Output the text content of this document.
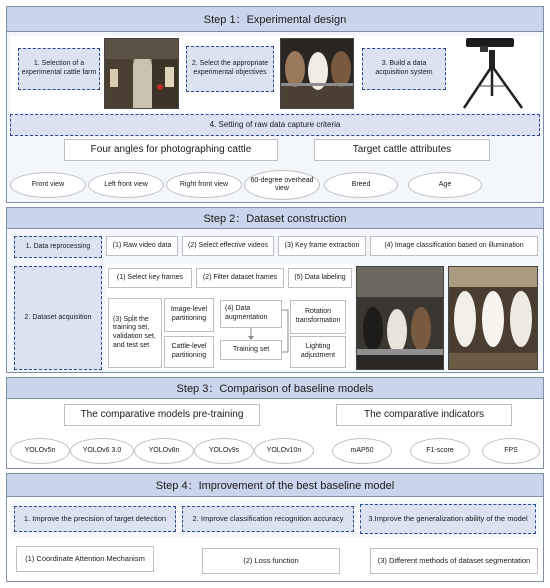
Step 1：Experimental design
1. Selection of a experimental cattle farm
2. Select the appropriate experimental objectives
3. Build a data acquisition system
4. Setting of raw data capture criteria
Four angles for photographing cattle	Target cattle attributes
Front view	Left front view	Right front view
60-degree overhead view
Breed	Age
Step 2：Dataset construction
1. Data reprocessing	(1) Raw video data (2) Select effective videos (3) Key frame extraction	(4) Image classification based on illumination
2. Dataset acquisition
(1) Select key frames	(2) Filter dataset frames (5) Data labeling
(3) Split the training set, validation set, and test set
Image-level partitioning
Cattle-level partitioning
(4) Data augmentation
Training set
Rotation transformation
Lighting adjustment
Step 3：Comparison of baseline models
The comparative models pre-training	The comparative indicators
YOLOv5n	YOLOv6 3.0	YOLOv8n	YOLOv9s	YOLOv10n	mAP50	F1-score	FPS
Step 4：Improvement of the best baseline model
1. Improve the precision of target detection	2. Improve classification recognition accuracy	3.Improve the generalization ability of the model
(1) Coordinate Attention Mechanism	(2) Loss function	(3) Different methods of dataset segmentation
